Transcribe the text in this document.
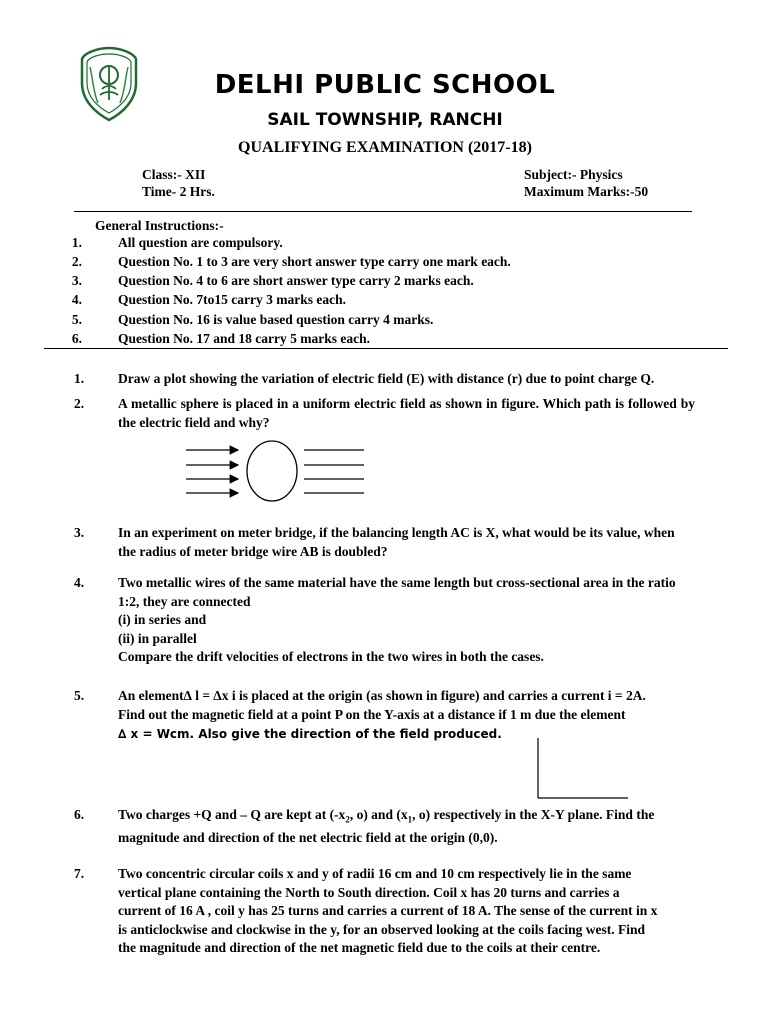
DELHI PUBLIC SCHOOL
SAIL TOWNSHIP, RANCHI
QUALIFYING EXAMINATION (2017-18)
Class:- XII
Time- 2 Hrs.
Subject:- Physics
Maximum Marks:-50
General Instructions:-
1.	All question are compulsory.
2.	Question No. 1 to 3 are very short answer type carry one mark each.
3.	Question No. 4 to 6 are short answer type carry 2 marks each.
4.	Question No. 7to15 carry 3 marks each.
5.	Question No. 16 is value based question carry 4 marks.
6.	Question No. 17 and 18 carry 5 marks each.
1.	Draw a plot showing the variation of electric field (E) with distance (r) due to point charge Q.
2.	A metallic sphere is placed in a uniform electric field as shown in figure. Which path is followed by the electric field and why?
3.	In an experiment on meter bridge, if the balancing length AC is X, what would be its value, when the radius of meter bridge wire AB is doubled?
4.	Two metallic wires of the same material have the same length but cross-sectional area in the ratio 1:2, they are connected
(i) in series and
(ii) in parallel
Compare the drift velocities of electrons in the two wires in both the cases.
5.	An element∆ l = ∆x i is placed at the origin (as shown in figure) and carries a current i = 2A.
Find out the magnetic field at a point P on the Y-axis at a distance if 1 m due the element
∆ x = Wcm. Also give the direction of the field produced.
6.	Two charges +Q and – Q are kept at ($-x_2$, o) and ($x_1$, o) respectively in the X-Y plane. Find the magnitude and direction of the net electric field at the origin (0,0).
7.	Two concentric circular coils x and y of radii 16 cm and 10 cm respectively lie in the same
vertical plane containing the North to South direction. Coil x has 20 turns and carries a
current of 16 A , coil y has 25 turns and carries a current of 18 A. The sense of the current in x
is anticlockwise and clockwise in the y, for an observed looking at the coils facing west. Find
the magnitude and direction of the net magnetic field due to the coils at their centre.
